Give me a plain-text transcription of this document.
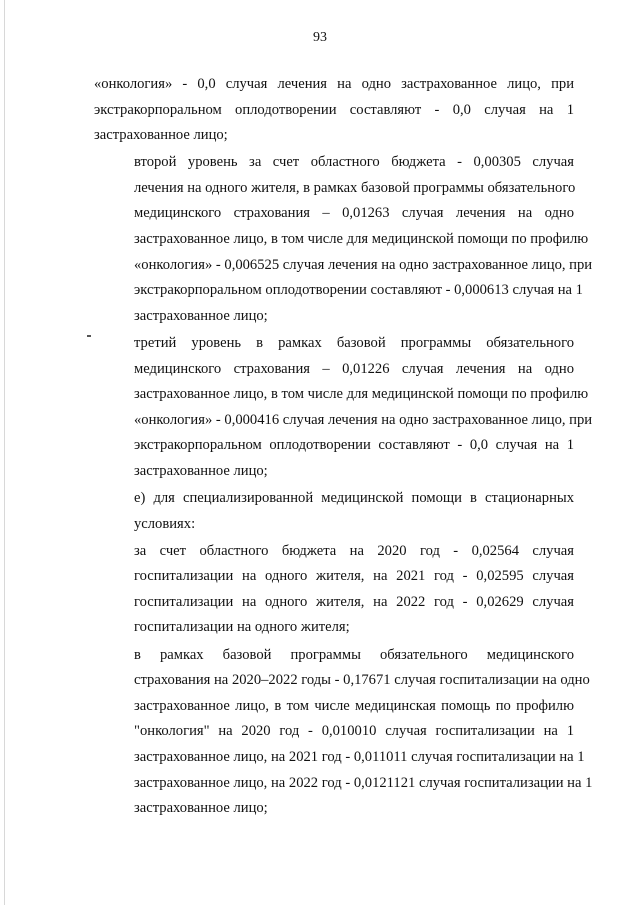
93

«онкология» - 0,0 случая лечения на одно застрахованное лицо, при
экстракорпоральном оплодотворении составляют - 0,0 случая на 1
застрахованное лицо;

второй уровень за счет областного бюджета - 0,00305 случая
лечения на одного жителя, в рамках базовой программы обязательного
медицинского страхования – 0,01263 случая лечения на одно
застрахованное лицо, в том числе для медицинской помощи по профилю
«онкология» - 0,006525 случая лечения на одно застрахованное лицо, при
экстракорпоральном оплодотворении составляют - 0,000613 случая на 1
застрахованное лицо;

третий уровень в рамках базовой программы обязательного
медицинского страхования – 0,01226 случая лечения на одно
застрахованное лицо, в том числе для медицинской помощи по профилю
«онкология» - 0,000416 случая лечения на одно застрахованное лицо, при
экстракорпоральном оплодотворении составляют - 0,0 случая на 1
застрахованное лицо;

е) для специализированной медицинской помощи в стационарных
условиях:

за счет областного бюджета на 2020 год - 0,02564 случая
госпитализации на одного жителя, на 2021 год - 0,02595 случая
госпитализации на одного жителя, на 2022 год - 0,02629 случая
госпитализации на одного жителя;

в рамках базовой программы обязательного медицинского
страхования на 2020–2022 годы - 0,17671 случая госпитализации на одно
застрахованное лицо, в том числе медицинская помощь по профилю
"онкология" на 2020 год - 0,010010 случая госпитализации на 1
застрахованное лицо, на 2021 год - 0,011011 случая госпитализации на 1
застрахованное лицо, на 2022 год - 0,0121121 случая госпитализации на 1
застрахованное лицо;
